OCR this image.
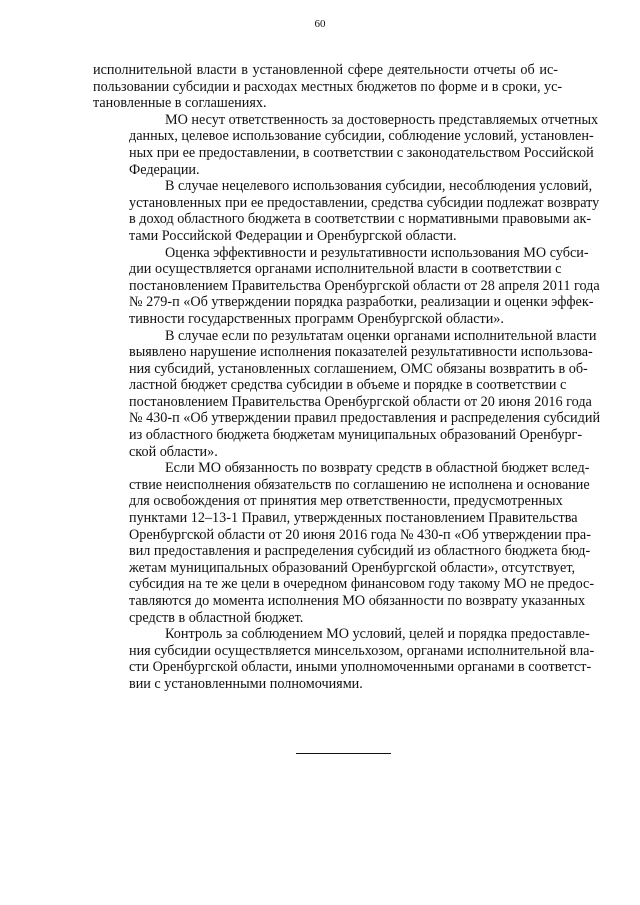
60

исполнительной власти в установленной сфере деятельности отчеты об ис-
пользовании субсидии и расходах местных бюджетов по форме и в сроки, ус-
тановленные в соглашениях.

МО несут ответственность за достоверность представляемых отчетных
данных, целевое использование субсидии, соблюдение условий, установлен-
ных при ее предоставлении, в соответствии с законодательством Российской
Федерации.

В случае нецелевого использования субсидии, несоблюдения условий,
установленных при ее предоставлении, средства субсидии подлежат возврату
в доход областного бюджета в соответствии с нормативными правовыми ак-
тами Российской Федерации и Оренбургской области.

Оценка эффективности и результативности использования МО субси-
дии осуществляется органами исполнительной власти в соответствии с
постановлением Правительства Оренбургской области от 28 апреля 2011 года
№ 279-п «Об утверждении порядка разработки, реализации и оценки эффек-
тивности государственных программ Оренбургской области».

В случае если по результатам оценки органами исполнительной власти
выявлено нарушение исполнения показателей результативности использова-
ния субсидий, установленных соглашением, ОМС обязаны возвратить в об-
ластной бюджет средства субсидии в объеме и порядке в соответствии с
постановлением Правительства Оренбургской области от 20 июня 2016 года
№ 430-п «Об утверждении правил предоставления и распределения субсидий
из областного бюджета бюджетам муниципальных образований Оренбург-
ской области».

Если МО обязанность по возврату средств в областной бюджет вслед-
ствие неисполнения обязательств по соглашению не исполнена и основание
для освобождения от принятия мер ответственности, предусмотренных
пунктами 12–13-1 Правил, утвержденных постановлением Правительства
Оренбургской области от 20 июня 2016 года № 430-п «Об утверждении пра-
вил предоставления и распределения субсидий из областного бюджета бюд-
жетам муниципальных образований Оренбургской области», отсутствует,
субсидия на те же цели в очередном финансовом году такому МО не предос-
тавляются до момента исполнения МО обязанности по возврату указанных
средств в областной бюджет.

Контроль за соблюдением МО условий, целей и порядка предоставле-
ния субсидии осуществляется минсельхозом, органами исполнительной вла-
сти Оренбургской области, иными уполномоченными органами в соответст-
вии с установленными полномочиями.
